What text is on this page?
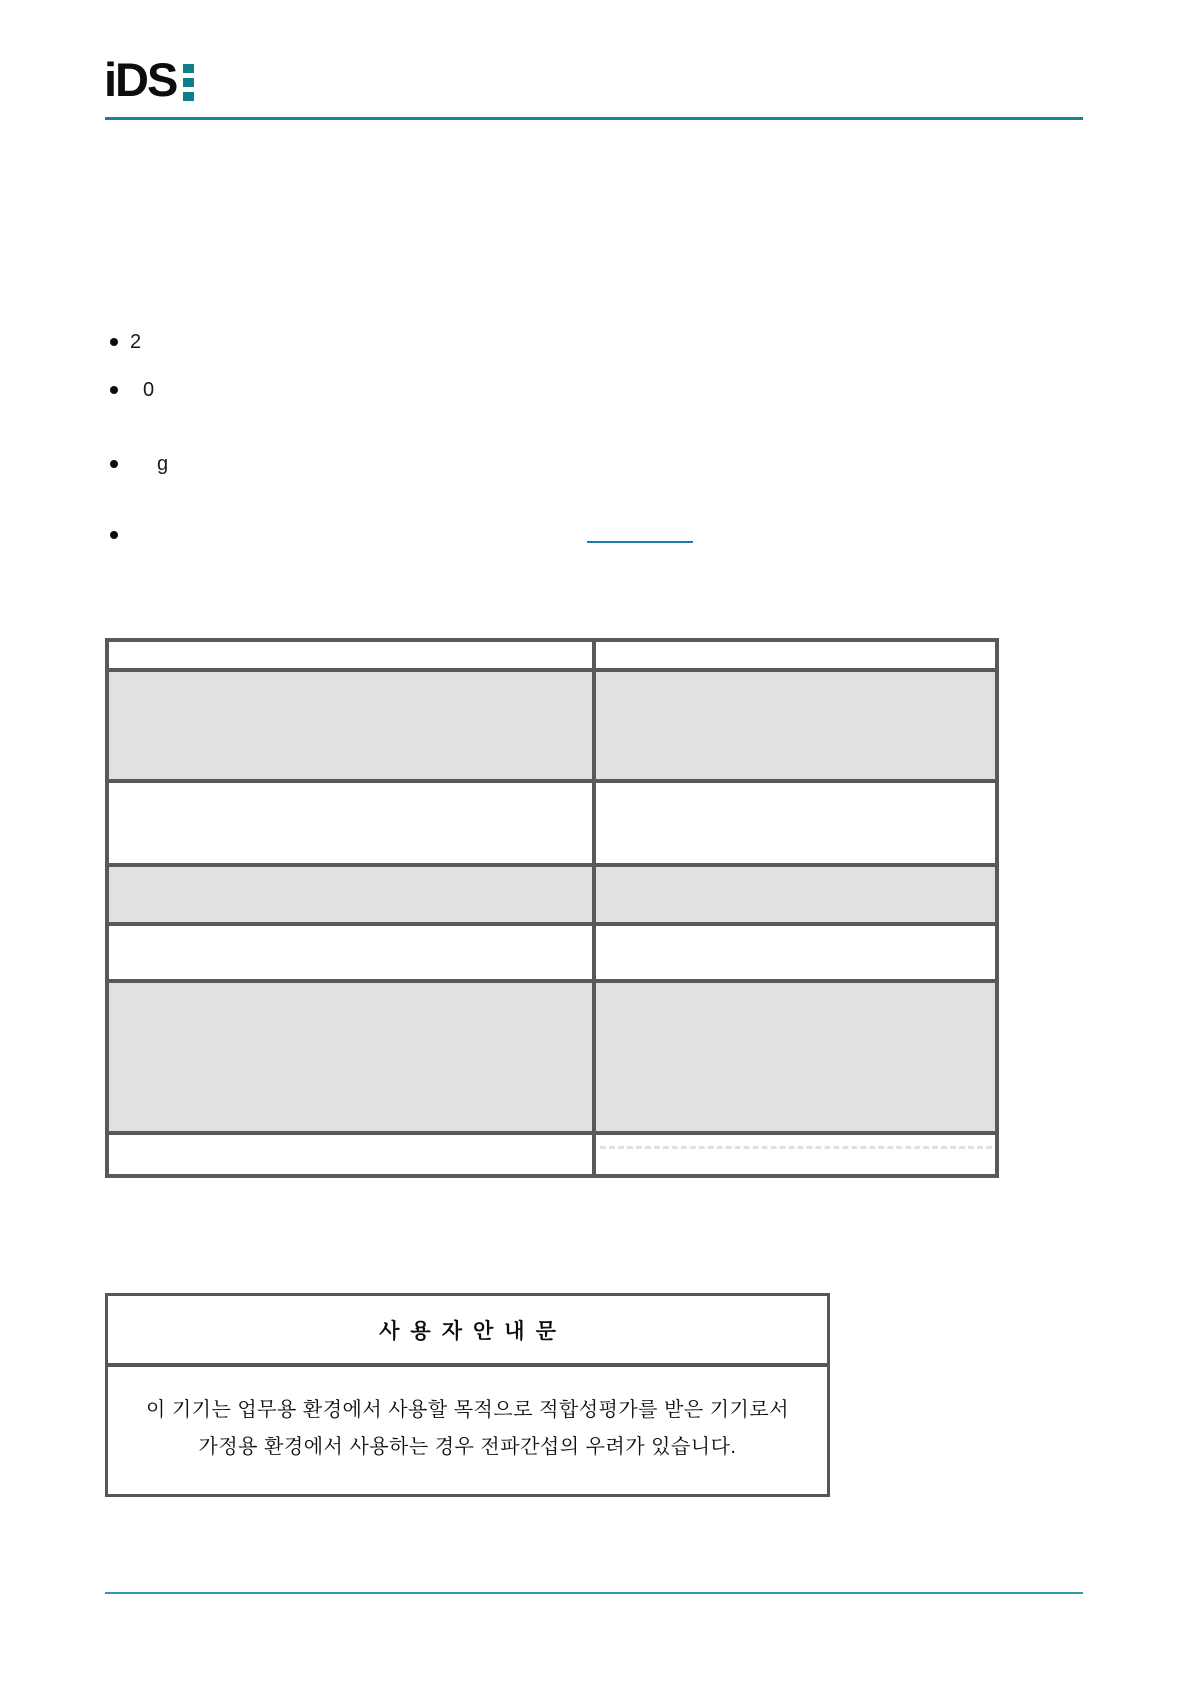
iDS
2
0
g

사용자안내문
이 기기는 업무용 환경에서 사용할 목적으로 적합성평가를 받은 기기로서
가정용 환경에서 사용하는 경우 전파간섭의 우려가 있습니다.
